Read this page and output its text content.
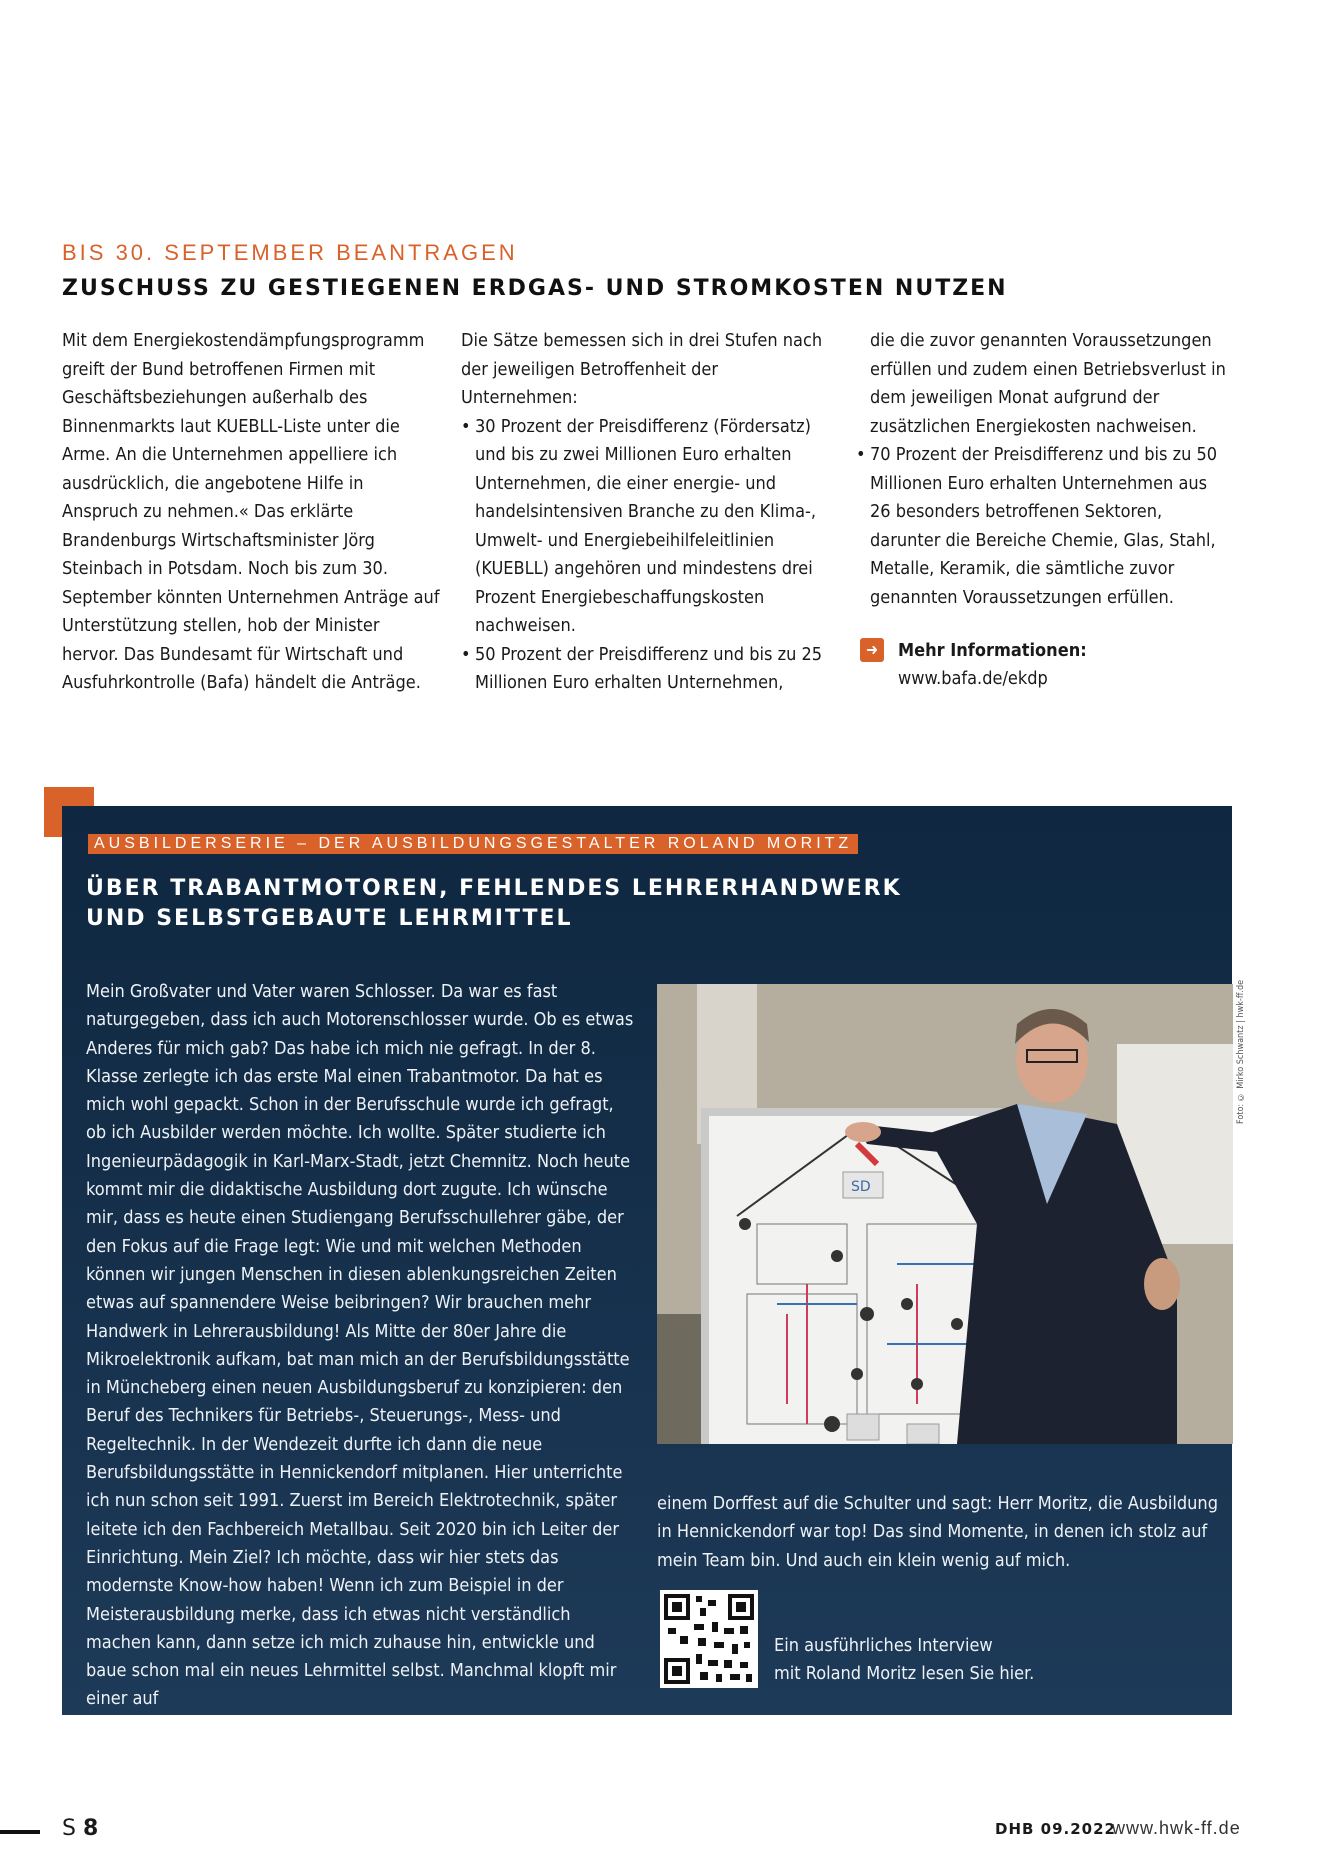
BIS 30. SEPTEMBER BEANTRAGEN
ZUSCHUSS ZU GESTIEGENEN ERDGAS- UND STROMKOSTEN NUTZEN

Mit dem Energiekostendämpfungsprogramm greift der Bund betroffenen Firmen mit Geschäftsbeziehungen außerhalb des Binnenmarkts laut KUEBLL-Liste unter die Arme. An die Unternehmen appelliere ich ausdrücklich, die angebotene Hilfe in Anspruch zu nehmen.« Das erklärte Brandenburgs Wirtschaftsminister Jörg Steinbach in Potsdam. Noch bis zum 30. September könnten Unternehmen Anträge auf Unterstützung stellen, hob der Minister hervor. Das Bundesamt für Wirtschaft und Ausfuhrkontrolle (Bafa) händelt die Anträge.

Die Sätze bemessen sich in drei Stufen nach der jeweiligen Betroffenheit der Unternehmen:

• 30 Prozent der Preisdifferenz (Fördersatz) und bis zu zwei Millionen Euro erhalten Unternehmen, die einer energie- und handelsintensiven Branche zu den Klima-, Umwelt- und Energiebeihilfeleitlinien (KUEBLL) angehören und mindestens drei Prozent Energiebeschaffungskosten nachweisen.
• 50 Prozent der Preisdifferenz und bis zu 25 Millionen Euro erhalten Unternehmen,

die die zuvor genannten Voraussetzungen erfüllen und zudem einen Betriebsverlust in dem jeweiligen Monat aufgrund der zusätzlichen Energiekosten nachweisen.

• 70 Prozent der Preisdifferenz und bis zu 50 Millionen Euro erhalten Unternehmen aus 26 besonders betroffenen Sektoren, darunter die Bereiche Chemie, Glas, Stahl, Metalle, Keramik, die sämtliche zuvor genannten Voraussetzungen erfüllen.
➜	Mehr Informationen:
www.bafa.de/ekdp
AUSBILDERSERIE – DER AUSBILDUNGSGESTALTER ROLAND MORITZ
ÜBER TRABANTMOTOREN, FEHLENDES LEHRERHANDWERK
UND SELBSTGEBAUTE LEHRMITTEL

Mein Großvater und Vater waren Schlosser. Da war es fast naturgegeben, dass ich auch Motorenschlosser wurde. Ob es etwas Anderes für mich gab? Das habe ich mich nie gefragt. In der 8. Klasse zerlegte ich das erste Mal einen Trabantmotor. Da hat es mich wohl gepackt. Schon in der Berufsschule wurde ich gefragt, ob ich Ausbilder werden möchte. Ich wollte. Später studierte ich Ingenieurpädagogik in Karl-Marx-Stadt, jetzt Chemnitz. Noch heute kommt mir die didaktische Ausbildung dort zugute. Ich wünsche mir, dass es heute einen Studiengang Berufsschullehrer gäbe, der den Fokus auf die Frage legt: Wie und mit welchen Methoden können wir jungen Menschen in diesen ablenkungsreichen Zeiten etwas auf spannendere Weise beibringen? Wir brauchen mehr Handwerk in Lehrerausbildung! Als Mitte der 80er Jahre die Mikroelektronik aufkam, bat man mich an der Berufsbildungsstätte in Müncheberg einen neuen Ausbildungsberuf zu konzipieren: den Beruf des Technikers für Betriebs-, Steuerungs-, Mess- und Regeltechnik. In der Wendezeit durfte ich dann die neue Berufsbildungsstätte in Hennickendorf mitplanen. Hier unterrichte ich nun schon seit 1991. Zuerst im Bereich Elektrotechnik, später leitete ich den Fachbereich Metallbau. Seit 2020 bin ich Leiter der Einrichtung. Mein Ziel? Ich möchte, dass wir hier stets das modernste Know-how haben! Wenn ich zum Beispiel in der Meisterausbildung merke, dass ich etwas nicht verständlich machen kann, dann setze ich mich zuhause hin, entwickle und baue schon mal ein neues Lehrmittel selbst. Manchmal klopft mir einer auf

SD
Foto: © Mirko Schwantz | hwk-ff.de

einem Dorffest auf die Schulter und sagt: Herr Moritz, die Ausbildung in Hennickendorf war top! Das sind Momente, in denen ich stolz auf mein Team bin. Und auch ein klein wenig auf mich.

Ein ausführliches Interview
mit Roland Moritz lesen Sie hier.
S 8	DHB 09.2022
www.hwk-ff.de
